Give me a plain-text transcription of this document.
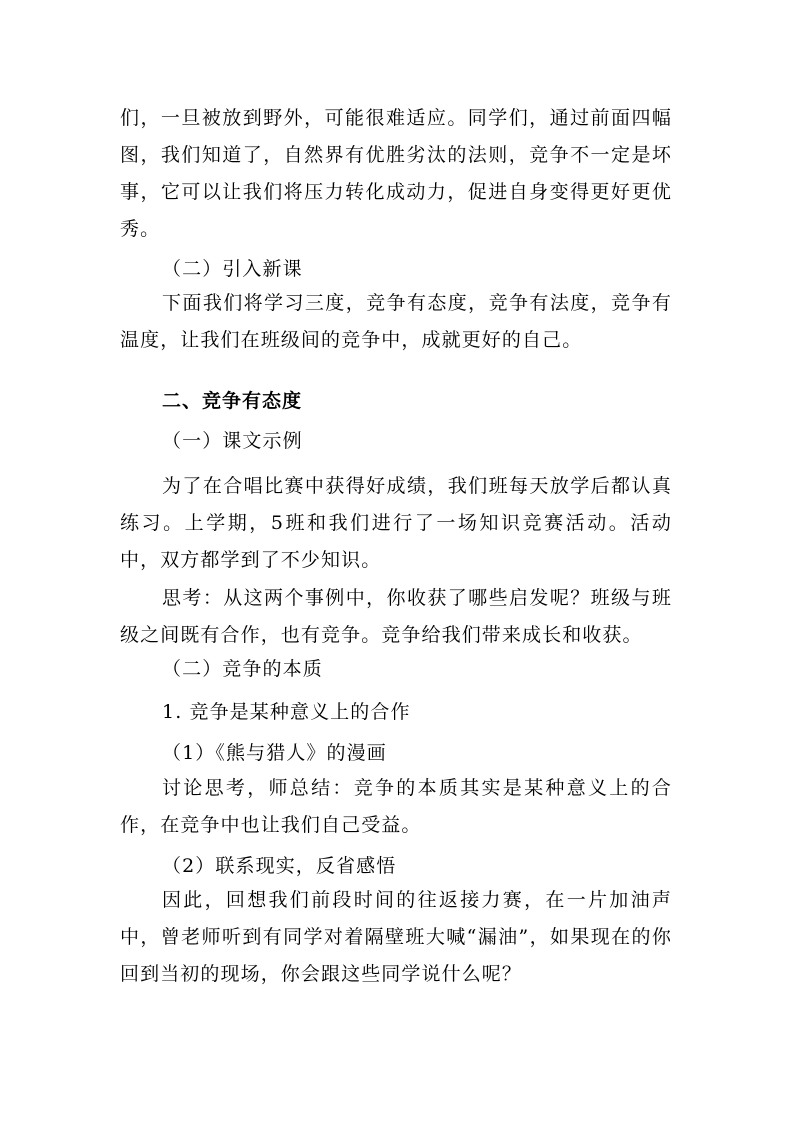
们，一旦被放到野外，可能很难适应。同学们，通过前面四幅图，我们知道了，自然界有优胜劣汰的法则，竞争不一定是坏事，它可以让我们将压力转化成动力，促进自身变得更好更优秀。

（二）引入新课

下面我们将学习三度，竞争有态度，竞争有法度，竞争有温度，让我们在班级间的竞争中，成就更好的自己。

二、竞争有态度

（一）课文示例

为了在合唱比赛中获得好成绩，我们班每天放学后都认真练习。上学期，5班和我们进行了一场知识竞赛活动。活动中，双方都学到了不少知识。

思考：从这两个事例中，你收获了哪些启发呢？班级与班级之间既有合作，也有竞争。竞争给我们带来成长和收获。

（二）竞争的本质

1. 竞争是某种意义上的合作

（1）《熊与猎人》的漫画

讨论思考，师总结：竞争的本质其实是某种意义上的合作，在竞争中也让我们自己受益。

（2）联系现实，反省感悟

因此，回想我们前段时间的往返接力赛，在一片加油声中，曾老师听到有同学对着隔壁班大喊“漏油”，如果现在的你回到当初的现场，你会跟这些同学说什么呢？
